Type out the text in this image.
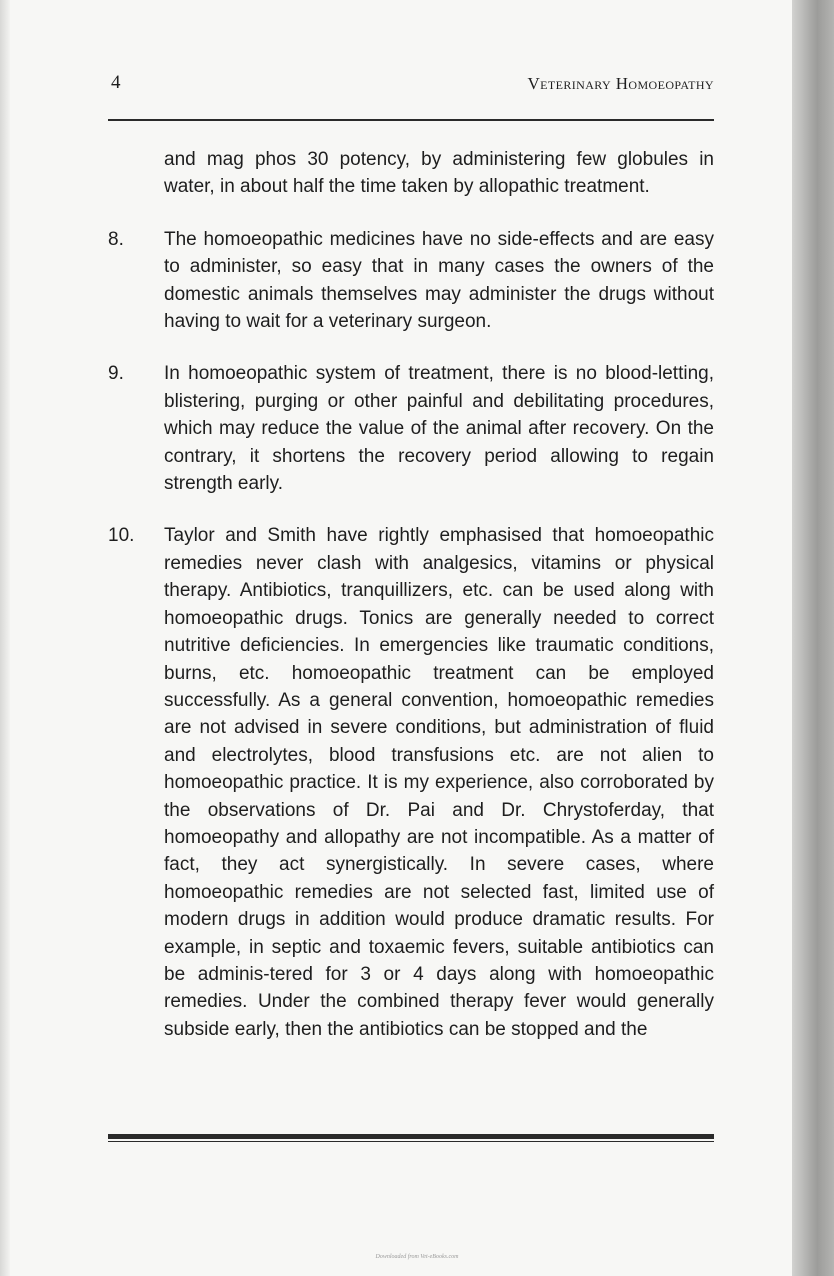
4	Veterinary Homoeopathy
and mag phos 30 potency, by administering few globules in water, in about half the time taken by allopathic treatment.
8. The homoeopathic medicines have no side-effects and are easy to administer, so easy that in many cases the owners of the domestic animals themselves may administer the drugs without having to wait for a veterinary surgeon.
9. In homoeopathic system of treatment, there is no blood-letting, blistering, purging or other painful and debilitating procedures, which may reduce the value of the animal after recovery. On the contrary, it shortens the recovery period allowing to regain strength early.
10. Taylor and Smith have rightly emphasised that homoeopathic remedies never clash with analgesics, vitamins or physical therapy. Antibiotics, tranquillizers, etc. can be used along with homoeopathic drugs. Tonics are generally needed to correct nutritive deficiencies. In emergencies like traumatic conditions, burns, etc. homoeopathic treatment can be employed successfully. As a general convention, homoeopathic remedies are not advised in severe conditions, but administration of fluid and electrolytes, blood transfusions etc. are not alien to homoeopathic practice. It is my experience, also corroborated by the observations of Dr. Pai and Dr. Chrystoferday, that homoeopathy and allopathy are not incompatible. As a matter of fact, they act synergistically. In severe cases, where homoeopathic remedies are not selected fast, limited use of modern drugs in addition would produce dramatic results. For example, in septic and toxaemic fevers, suitable antibiotics can be adminis-tered for 3 or 4 days along with homoeopathic remedies. Under the combined therapy fever would generally subside early, then the antibiotics can be stopped and the
Downloaded from Vet-eBooks.com
